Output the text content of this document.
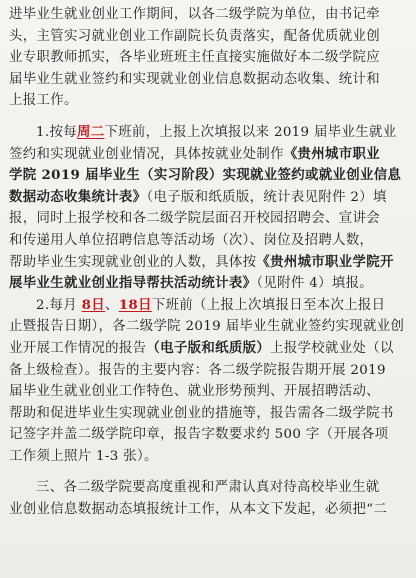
进毕业生就业创业工作期间，以各二级学院为单位，由书记牵
头，主管实习就业创业工作副院长负责落实，配备优质就业创
业专职教师抓实，各毕业班班主任直接实施做好本二级学院应
届毕业生就业签约和实现就业创业信息数据动态收集、统计和
上报工作。
1.按每周二下班前，上报上次填报以来 2019 届毕业生就业
签约和实现就业创业情况，具体按就业处制作《贵州城市职业
学院 2019 届毕业生（实习阶段）实现就业签约或就业创业信息
数据动态收集统计表》（电子版和纸质版，统计表见附件 2）填
报，同时上报学校和各二级学院层面召开校园招聘会、宣讲会
和传递用人单位招聘信息等活动场（次）、岗位及招聘人数，
帮助毕业生实现就业创业的人数，具体按《贵州城市职业学院开
展毕业生就业创业指导帮扶活动统计表》（见附件 4）填报。
2.每月 8日、18日下班前（上报上次填报日至本次上报日
止暨报告日期），各二级学院 2019 届毕业生就业签约实现就业创
业开展工作情况的报告（电子版和纸质版）上报学校就业处（以
备上级检查）。报告的主要内容：各二级学院报告期开展 2019
届毕业生就业创业工作特色、就业形势预判、开展招聘活动、
帮助和促进毕业生实现就业创业的措施等，报告需各二级学院书
记签字并盖二级学院印章，报告字数要求约 500 字（开展各项
工作须上照片 1-3 张）。
三、各二级学院要高度重视和严肃认真对待高校毕业生就
业创业信息数据动态填报统计工作，从本文下发起，必须把“二
